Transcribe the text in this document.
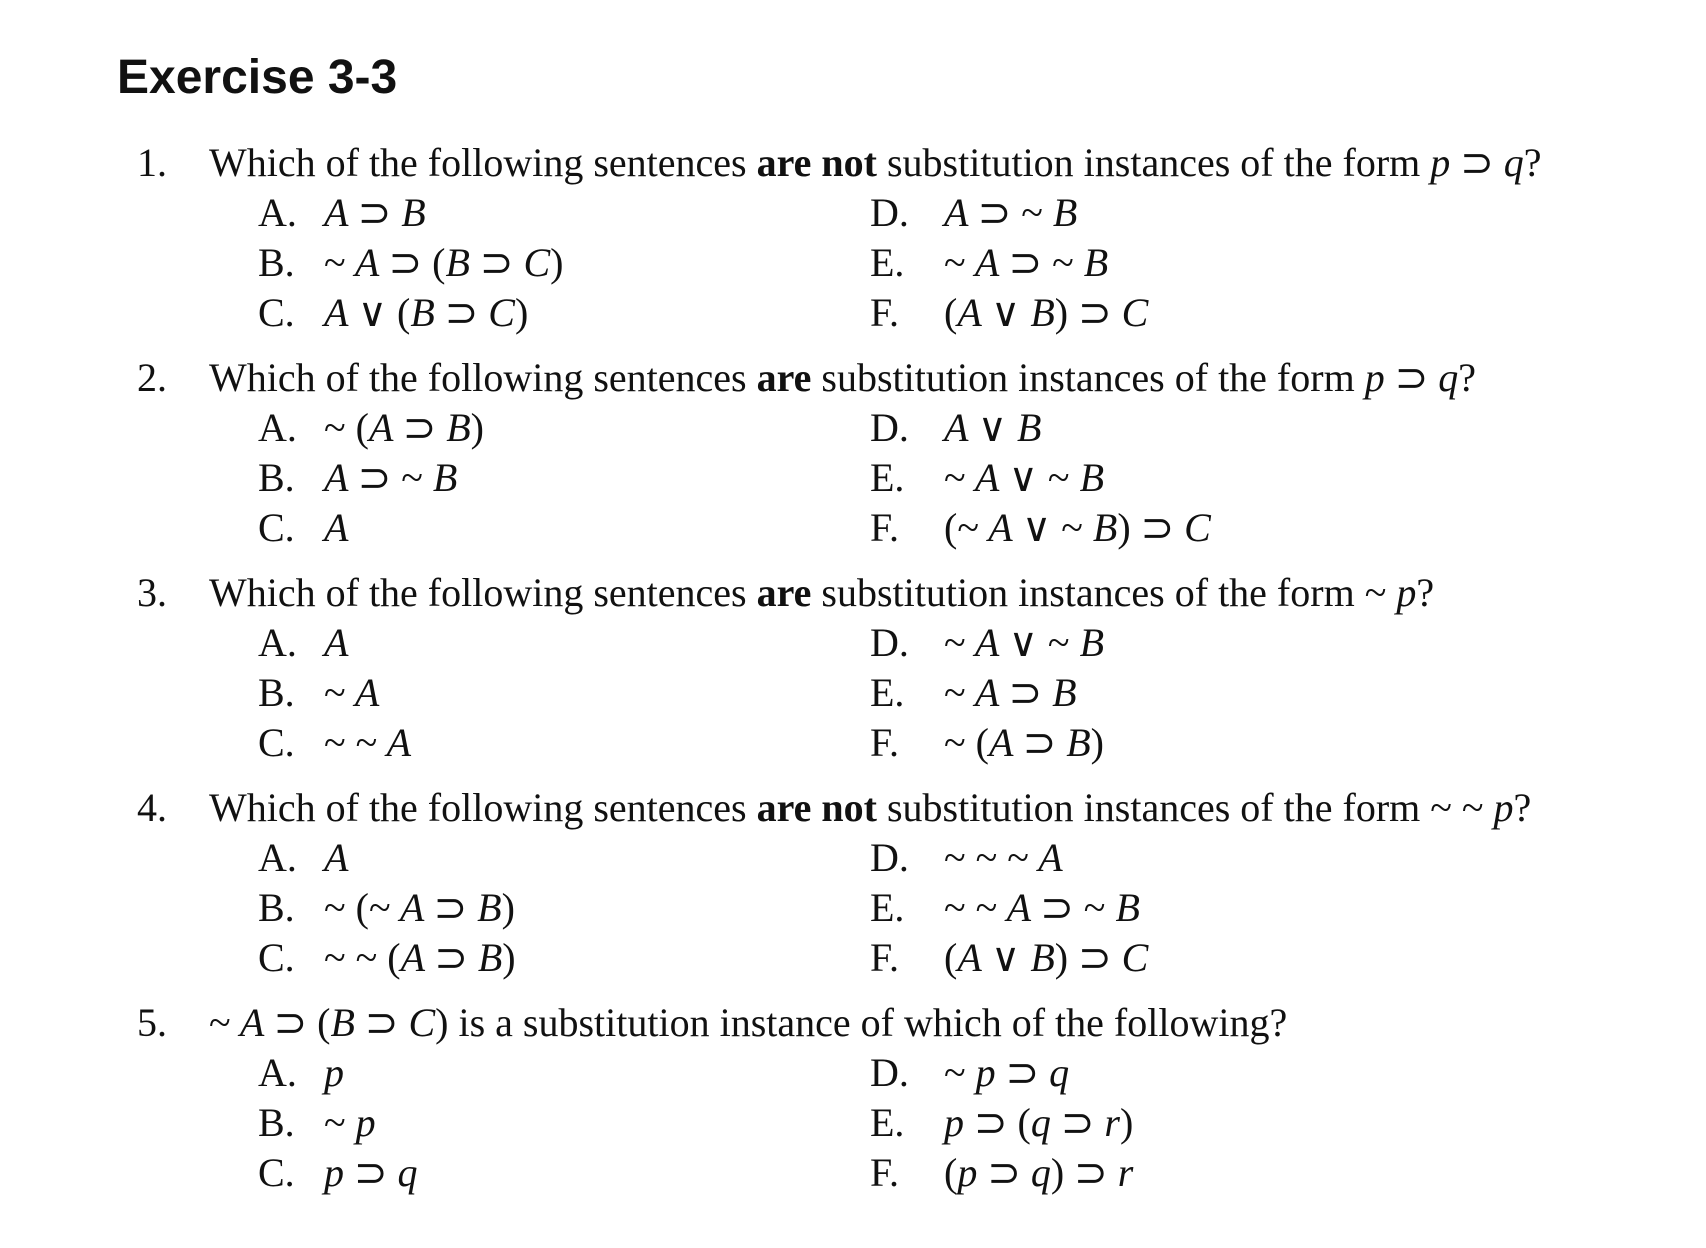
Exercise 3-3
1. Which of the following sentences are not substitution instances of the form p ⊃ q?
A. A ⊃ B
B. ~ A ⊃ (B ⊃ C)
C. A ∨ (B ⊃ C)
D. A ⊃ ~ B
E. ~ A ⊃ ~ B
F. (A ∨ B) ⊃ C
2. Which of the following sentences are substitution instances of the form p ⊃ q?
A. ~ (A ⊃ B)
B. A ⊃ ~ B
C. A
D. A ∨ B
E. ~ A ∨ ~ B
F. (~ A ∨ ~ B) ⊃ C
3. Which of the following sentences are substitution instances of the form ~ p?
A. A
B. ~ A
C. ~ ~ A
D. ~ A ∨ ~ B
E. ~ A ⊃ B
F. ~ (A ⊃ B)
4. Which of the following sentences are not substitution instances of the form ~ ~ p?
A. A
B. ~ (~ A ⊃ B)
C. ~ ~ (A ⊃ B)
D. ~ ~ ~ A
E. ~ ~ A ⊃ ~ B
F. (A ∨ B) ⊃ C
5. ~ A ⊃ (B ⊃ C) is a substitution instance of which of the following?
A. p
B. ~ p
C. p ⊃ q
D. ~ p ⊃ q
E. p ⊃ (q ⊃ r)
F. (p ⊃ q) ⊃ r
